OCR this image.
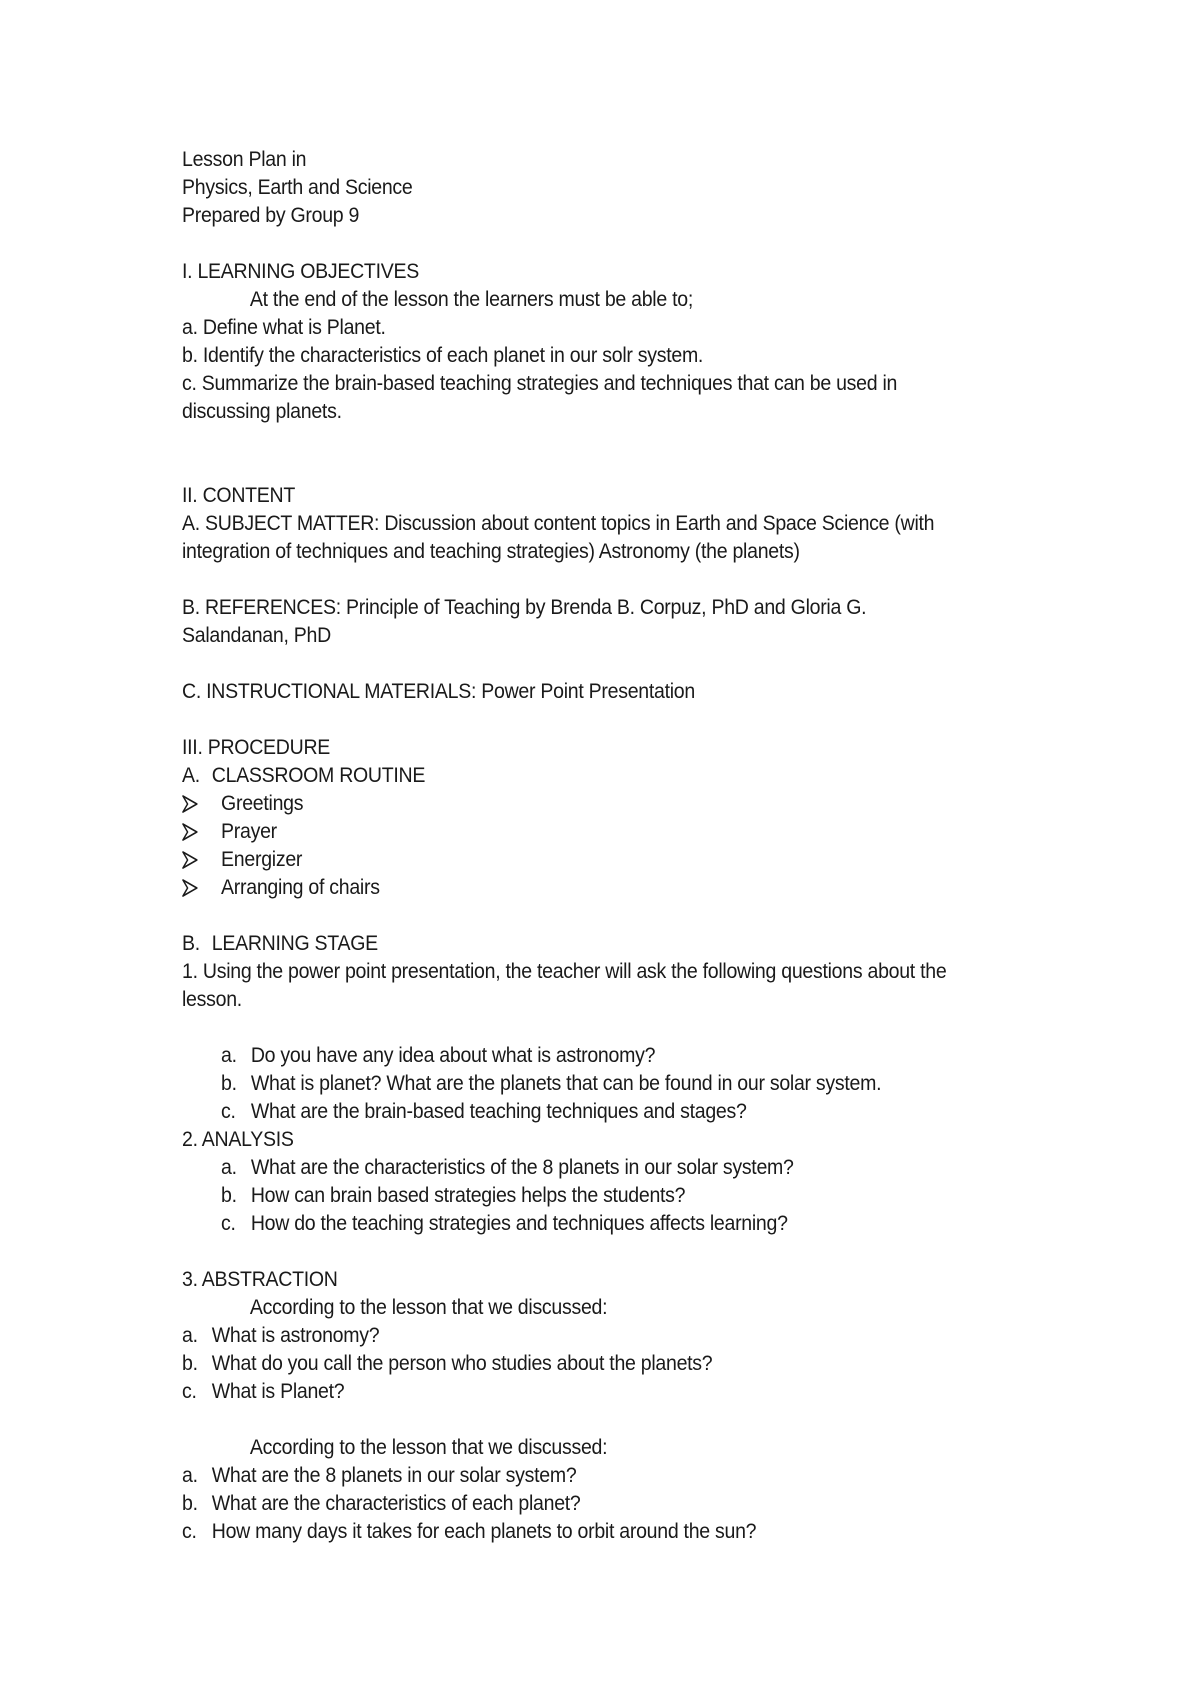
Lesson Plan in
Physics, Earth and Science
Prepared by Group 9
I. LEARNING OBJECTIVES
At the end of the lesson the learners must be able to;
a. Define what is Planet.
b. Identify the characteristics of each planet in our solr system.
c. Summarize the brain-based teaching strategies and techniques that can be used in
discussing planets.
II. CONTENT
A. SUBJECT MATTER: Discussion about content topics in Earth and Space Science (with
integration of techniques and teaching strategies) Astronomy (the planets)
B. REFERENCES: Principle of Teaching by Brenda B. Corpuz, PhD and Gloria G.
Salandanan, PhD
C. INSTRUCTIONAL MATERIALS: Power Point Presentation
III. PROCEDURE
A. CLASSROOM ROUTINE
Greetings
Prayer
Energizer
Arranging of chairs
B. LEARNING STAGE
1. Using the power point presentation, the teacher will ask the following questions about the
lesson.
a. Do you have any idea about what is astronomy?
b. What is planet? What are the planets that can be found in our solar system.
c. What are the brain-based teaching techniques and stages?
2. ANALYSIS
a. What are the characteristics of the 8 planets in our solar system?
b. How can brain based strategies helps the students?
c. How do the teaching strategies and techniques affects learning?
3. ABSTRACTION
According to the lesson that we discussed:
a. What is astronomy?
b. What do you call the person who studies about the planets?
c. What is Planet?
According to the lesson that we discussed:
a. What are the 8 planets in our solar system?
b. What are the characteristics of each planet?
c. How many days it takes for each planets to orbit around the sun?
